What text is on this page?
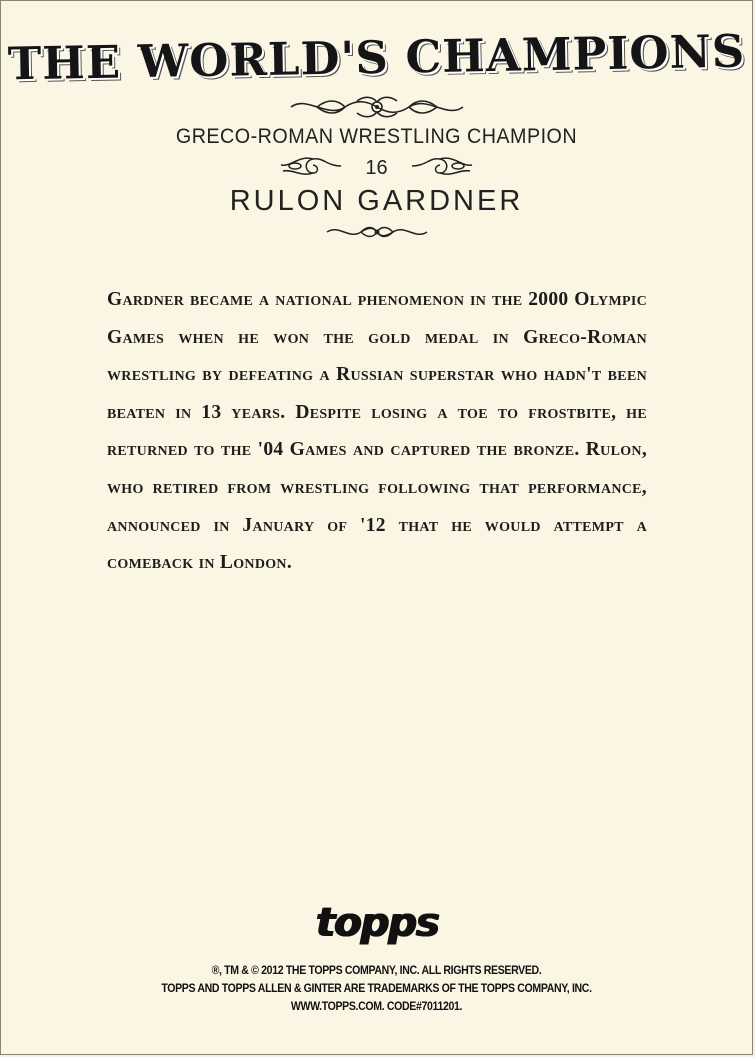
THE WORLD'S CHAMPIONS
GRECO-ROMAN WRESTLING CHAMPION
16
RULON GARDNER
Gardner became a national phenomenon in the 2000 Olympic Games when he won the gold medal in Greco-Roman wrestling by defeating a Russian superstar who hadn't been beaten in 13 years. Despite losing a toe to frostbite, he returned to the '04 Games and captured the bronze. Rulon, who retired from wrestling following that performance, announced in January of '12 that he would attempt a comeback in London.
topps
®, TM & © 2012 THE TOPPS COMPANY, INC. ALL RIGHTS RESERVED.
TOPPS AND TOPPS ALLEN & GINTER ARE TRADEMARKS OF THE TOPPS COMPANY, INC.
WWW.TOPPS.COM. CODE#7011201.
